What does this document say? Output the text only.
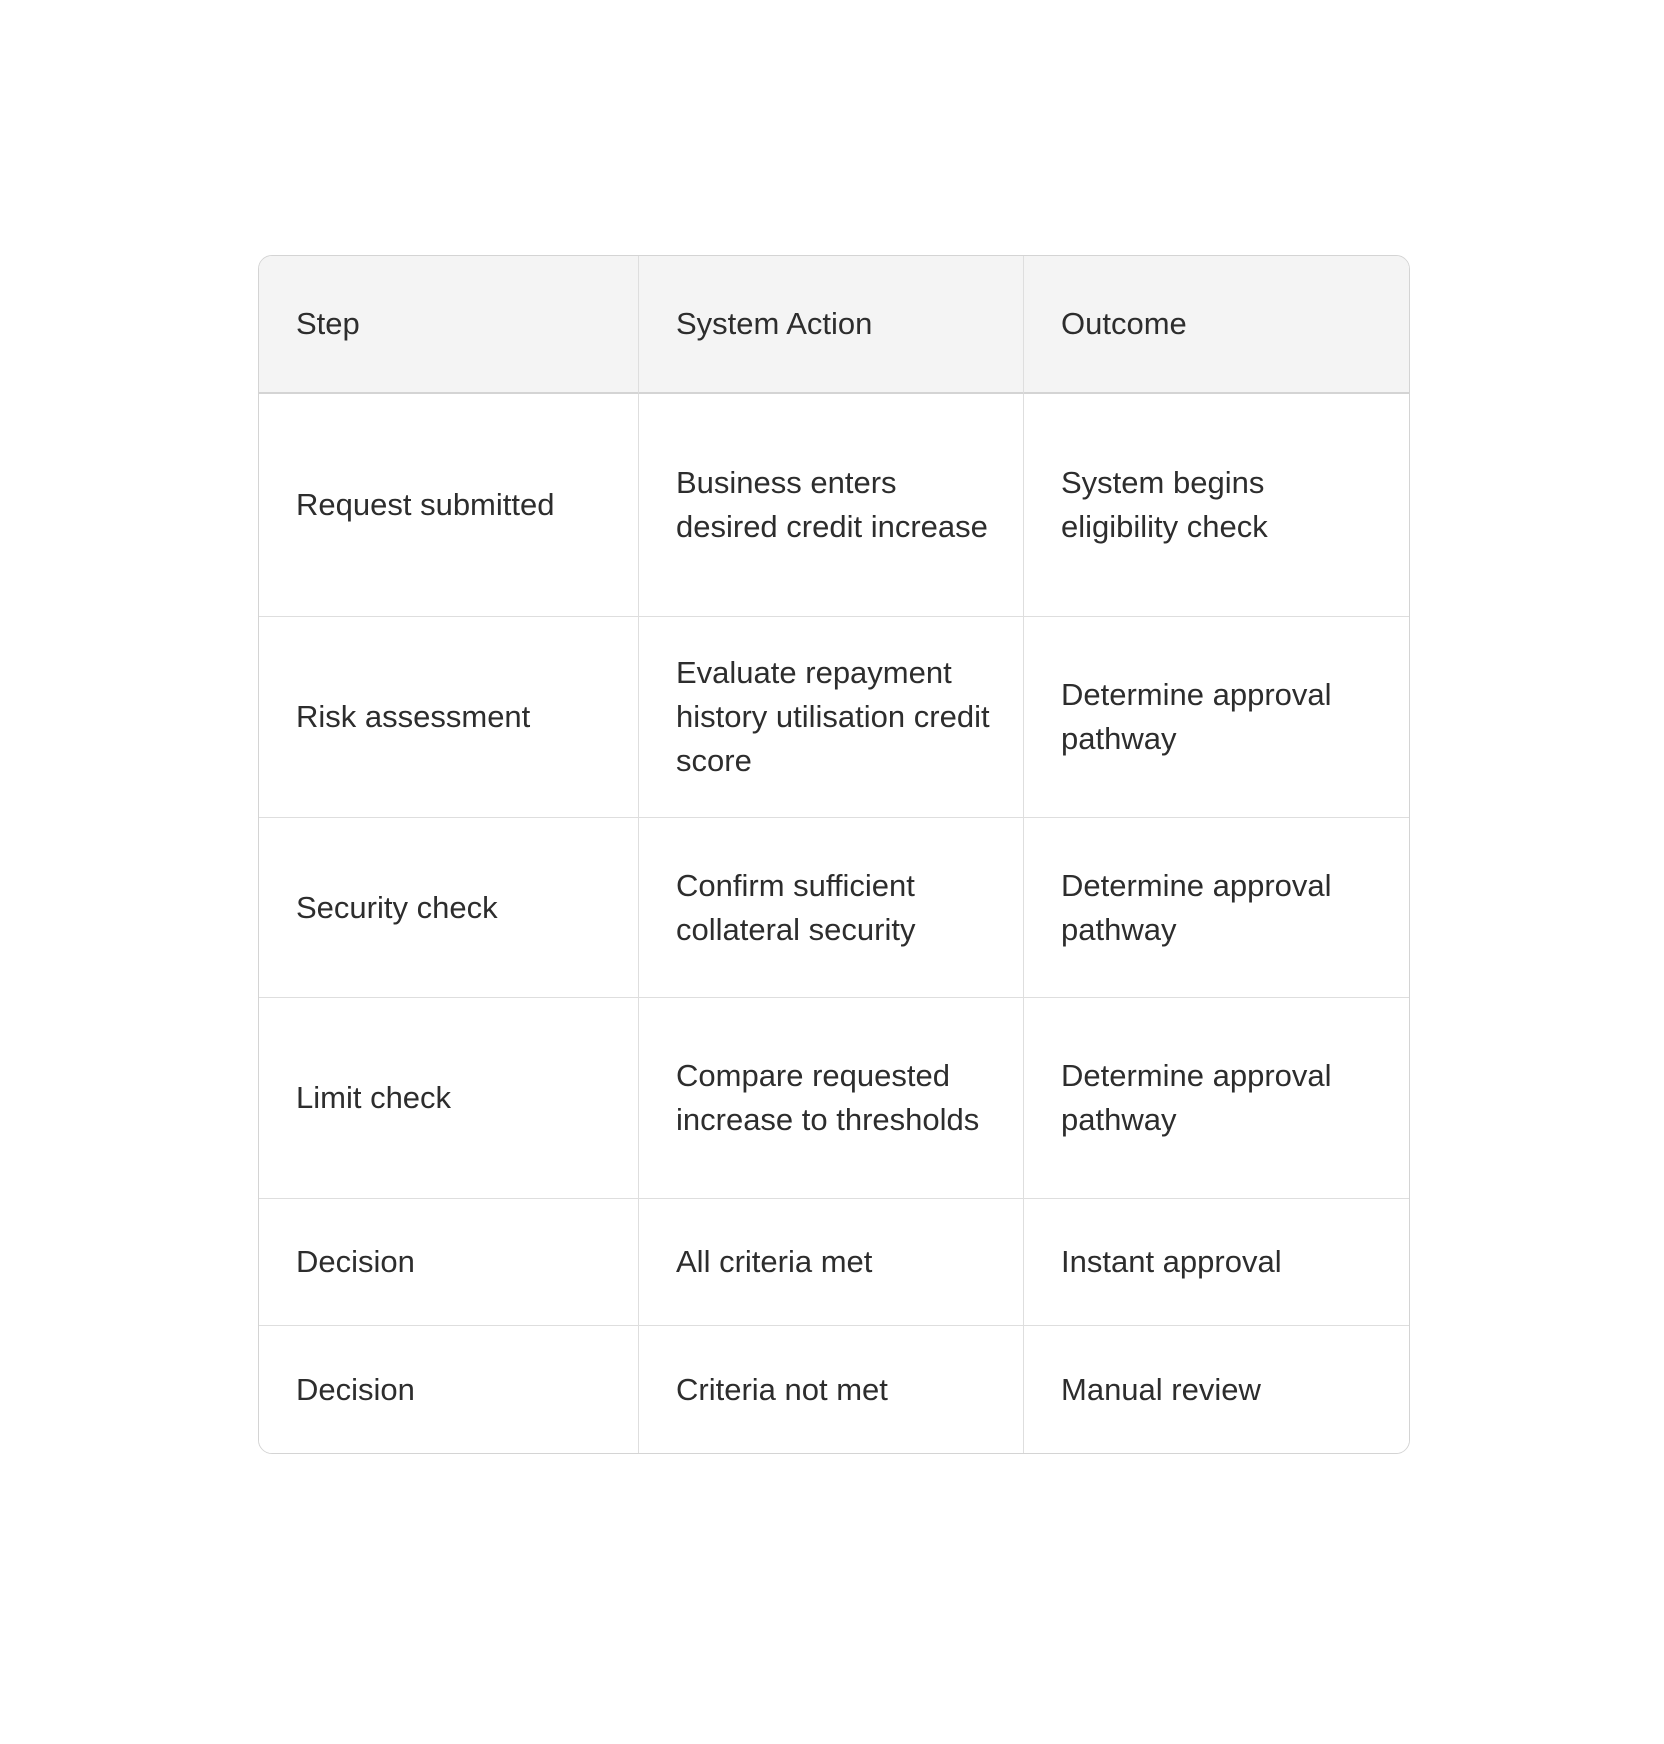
Step	System Action	Outcome

Request submitted	Business enters desired credit increase	System begins eligibility check

Risk assessment	Evaluate repayment history utilisation credit score	Determine approval pathway

Security check	Confirm sufficient collateral security	Determine approval pathway

Limit check	Compare requested increase to thresholds	Determine approval pathway

Decision	All criteria met	Instant approval

Decision	Criteria not met	Manual review
